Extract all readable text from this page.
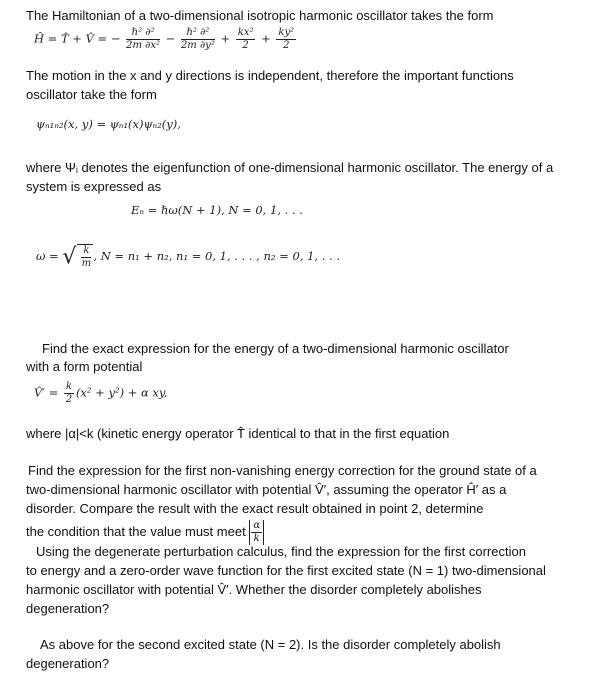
The Hamiltonian of a two-dimensional isotropic harmonic oscillator takes the form
Ĥ = T̂ + V̂ = − $\frac{\text{ℏ² ∂²}}{\text{2m ∂x²}} - \frac{\text{ℏ² ∂²}}{\text{2m ∂y²}} + \frac{\text{kx²}}{2} + \frac{\text{ky²}}{2}$
The motion in the x and y directions is independent, therefore the important functions
oscillator take the form
ψₙ₁ₙ₂(x, y) = ψₙ₁(x)ψₙ₂(y),
where Ψᵢ denotes the eigenfunction of one-dimensional harmonic oscillator. The energy of a
system is expressed as
Eₙ = ℏω(N + 1), N = 0, 1, . . .
ω = √ $\frac{k}{m}$ , N = n₁ + n₂, n₁ = 0, 1, . . . , n₂ = 0, 1, . . .
Find the exact expression for the energy of a two-dimensional harmonic oscillator
with a form potential
V̂′ = $\frac{k}{2} (x^2 + y^2) + \alpha$ xy,
where |α|<k (kinetic energy operator T̂ identical to that in the first equation
Find the expression for the first non-vanishing energy correction for the ground state of a
two-dimensional harmonic oscillator with potential V̂′, assuming the operator Ĥ′ as a
disorder. Compare the result with the exact result obtained in point 2, determine
the condition that the value must meet $\frac{\alpha}{k}$
Using the degenerate perturbation calculus, find the expression for the first correction
to energy and a zero-order wave function for the first excited state (N = 1) two-dimensional
harmonic oscillator with potential V̂′. Whether the disorder completely abolishes
degeneration?
As above for the second excited state (N = 2). Is the disorder completely abolish
degeneration?
